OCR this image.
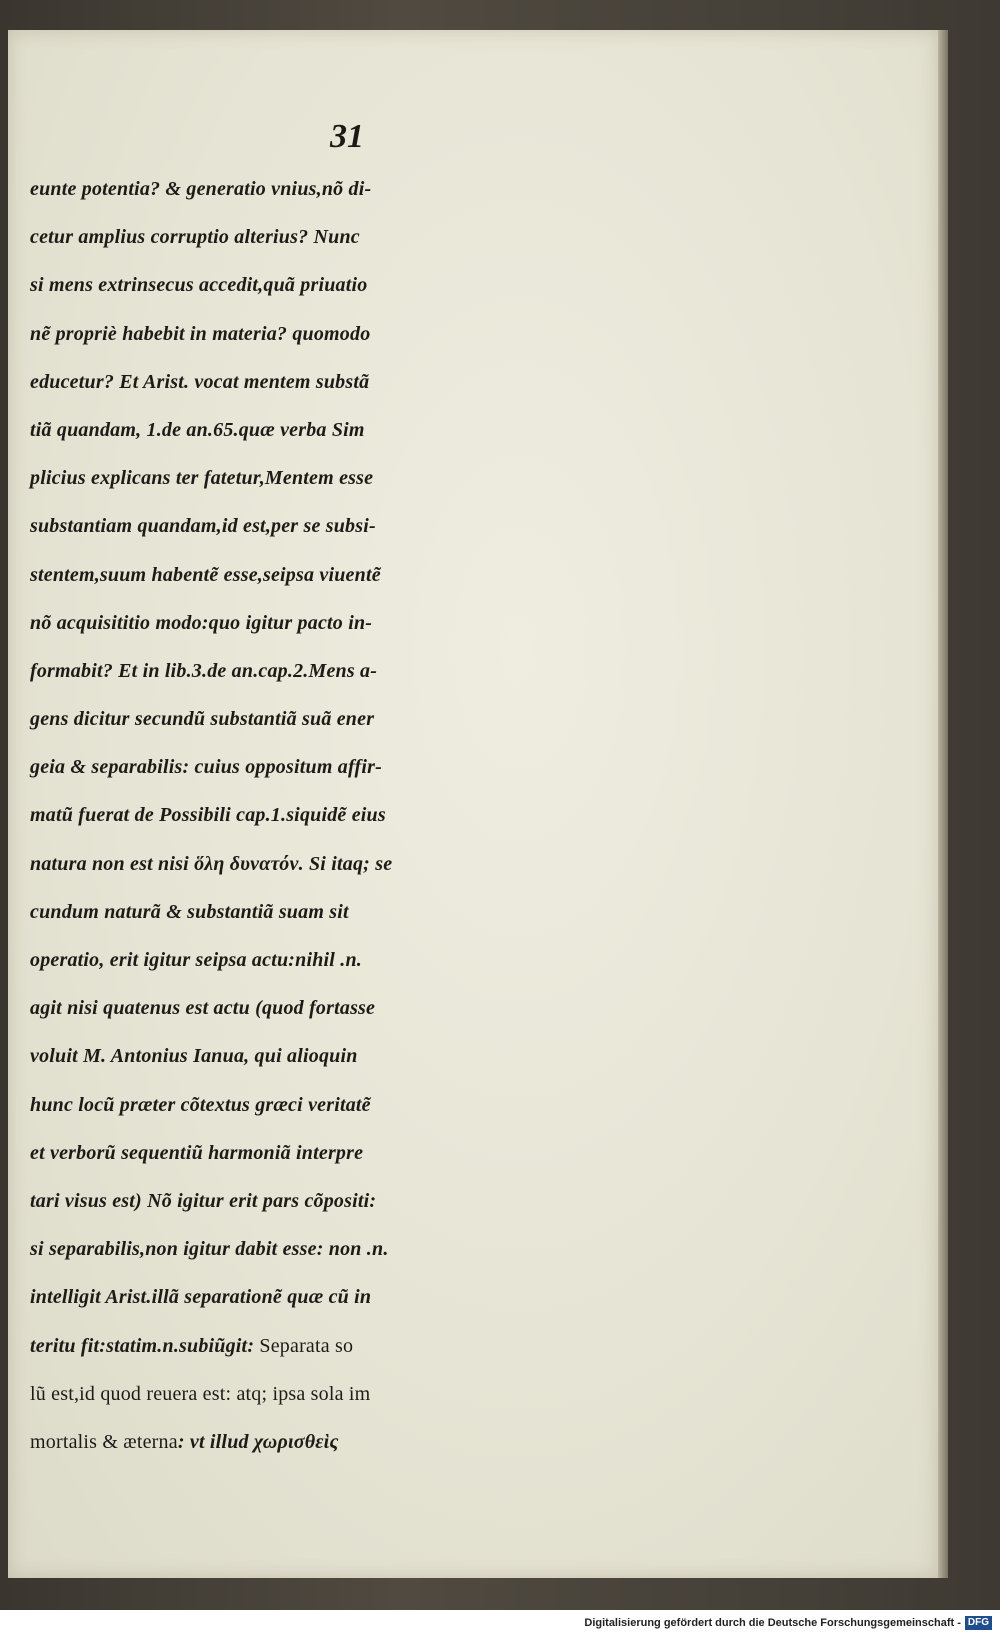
31
eunte potentia? & generatio vnius,nõ di-
cetur amplius corruptio alterius? Nunc
si mens extrinsecus accedit,quã priuatio
nẽ propriè habebit in materia? quomodo
educetur? Et Arist. vocat mentem substã
tiã quandam, 1.de an.65.quæ verba Sim
plicius explicans ter fatetur,Mentem esse
substantiam quandam,id est,per se subsi-
stentem,suum habentẽ esse,seipsa viuentẽ
nõ acquisititio modo:quo igitur pacto in-
formabit? Et in lib.3.de an.cap.2.Mens a-
gens dicitur secundũ substantiã suã ener
geia & separabilis: cuius oppositum affir-
matũ fuerat de Possibili cap.1.siquidẽ eius
natura non est nisi ὅλη δυνατόν. Si itaq; se
cundum naturã & substantiã suam sit
operatio, erit igitur seipsa actu:nihil .n.
agit nisi quatenus est actu (quod fortasse
voluit M. Antonius Ianua, qui alioquin
hunc locũ præter cõtextus græci veritatẽ
et verborũ sequentiũ harmoniã interpre
tari visus est) Nõ igitur erit pars cõpositi:
si separabilis,non igitur dabit esse: non .n.
intelligit Arist.illã separationẽ quæ cũ in
teritu fit:statim.n.subiũgit: Separata so
lũ est,id quod reuera est: atq; ipsa sola im
mortalis & æterna: vt illud χωρισθεὶς
Digitalisierung gefördert durch die Deutsche Forschungsgemeinschaft - DFG
